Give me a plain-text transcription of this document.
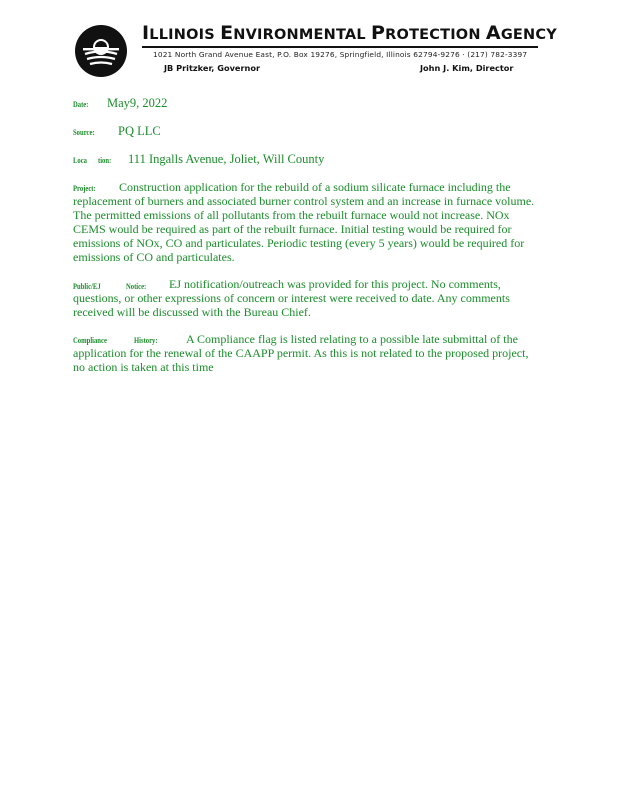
ILLINOIS ENVIRONMENTAL PROTECTION AGENCY
1021 North Grand Avenue East, P.O. Box 19276, Springfield, Illinois 62794-9276 · (217) 782-3397
JB Pritzker, Governor	John J. Kim, Director
Date: May9, 2022
Source: PQ LLC
Loca tion: 111 Ingalls Avenue, Joliet, Will County
Project:	Construction application for the rebuild of a sodium silicate furnace including the
replacement of burners and associated burner control system and an increase in furnace volume.
The permitted emissions of all pollutants from the rebuilt furnace would not increase. NOx
CEMS would be required as part of the rebuilt furnace. Initial testing would be required for
emissions of NOx, CO and particulates. Periodic testing (every 5 years) would be required for
emissions of CO and particulates.
Public/EJ	Notice:	EJ notification/outreach was provided for this project. No comments,
questions, or other expressions of concern or interest were received to date. Any comments
received will be discussed with the Bureau Chief.
Compliance	History:	A Compliance flag is listed relating to a possible late submittal of the
application for the renewal of the CAAPP permit. As this is not related to the proposed project,
no action is taken at this time
